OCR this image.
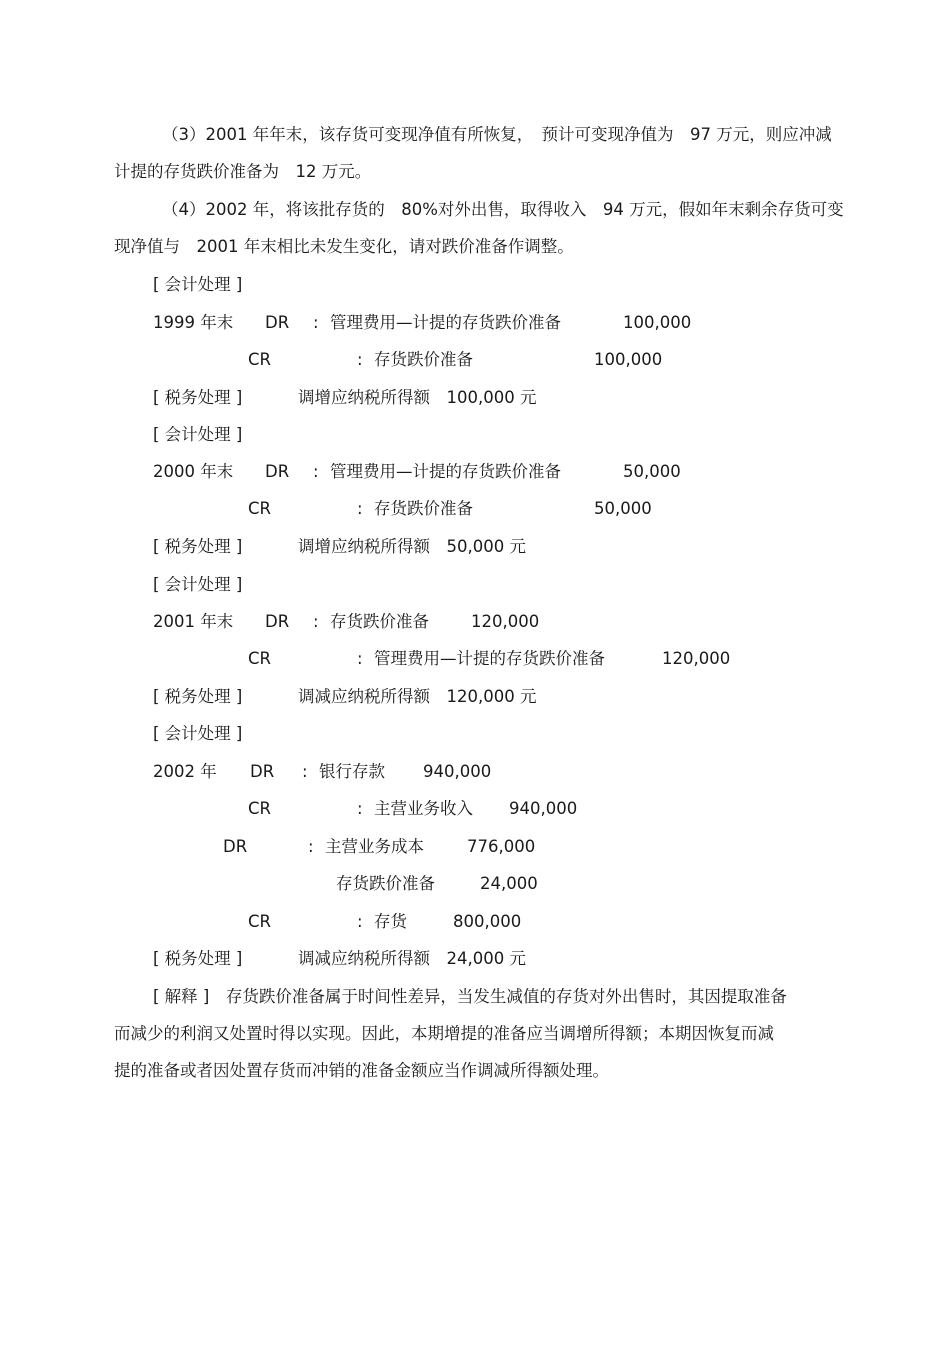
（3）2001 年年末，该存货可变现净值有所恢复，　预计可变现净值为　97 万元，则应冲减
计提的存货跌价准备为　12 万元。
（4）2002 年，将该批存货的　80%对外出售，取得收入　94 万元，假如年末剩余存货可变
现净值与　2001 年末相比未发生变化，请对跌价准备作调整。
[ 会计处理 ]
1999 年末 DR : 管理费用—计提的存货跌价准备	100,000
CR	: 存货跌价准备	100,000
[ 税务处理 ]	调增应纳税所得额　100,000 元
[ 会计处理 ]
2000 年末 DR : 管理费用—计提的存货跌价准备	50,000
CR	: 存货跌价准备	50,000
[ 税务处理 ]	调增应纳税所得额　50,000 元
[ 会计处理 ]
2001 年末 DR : 存货跌价准备	120,000
CR	: 管理费用—计提的存货跌价准备	120,000
[ 税务处理 ]	调减应纳税所得额　120,000 元
[ 会计处理 ]
2002 年 DR : 银行存款 940,000
CR	: 主营业务收入 940,000
DR	: 主营业务成本	776,000
存货跌价准备	24,000
CR	: 存货	800,000
[ 税务处理 ]	调减应纳税所得额　24,000 元
[ 解释 ]　存货跌价准备属于时间性差异，当发生减值的存货对外出售时，其因提取准备
而减少的利润又处置时得以实现。因此，本期增提的准备应当调增所得额；本期因恢复而减
提的准备或者因处置存货而冲销的准备金额应当作调减所得额处理。
